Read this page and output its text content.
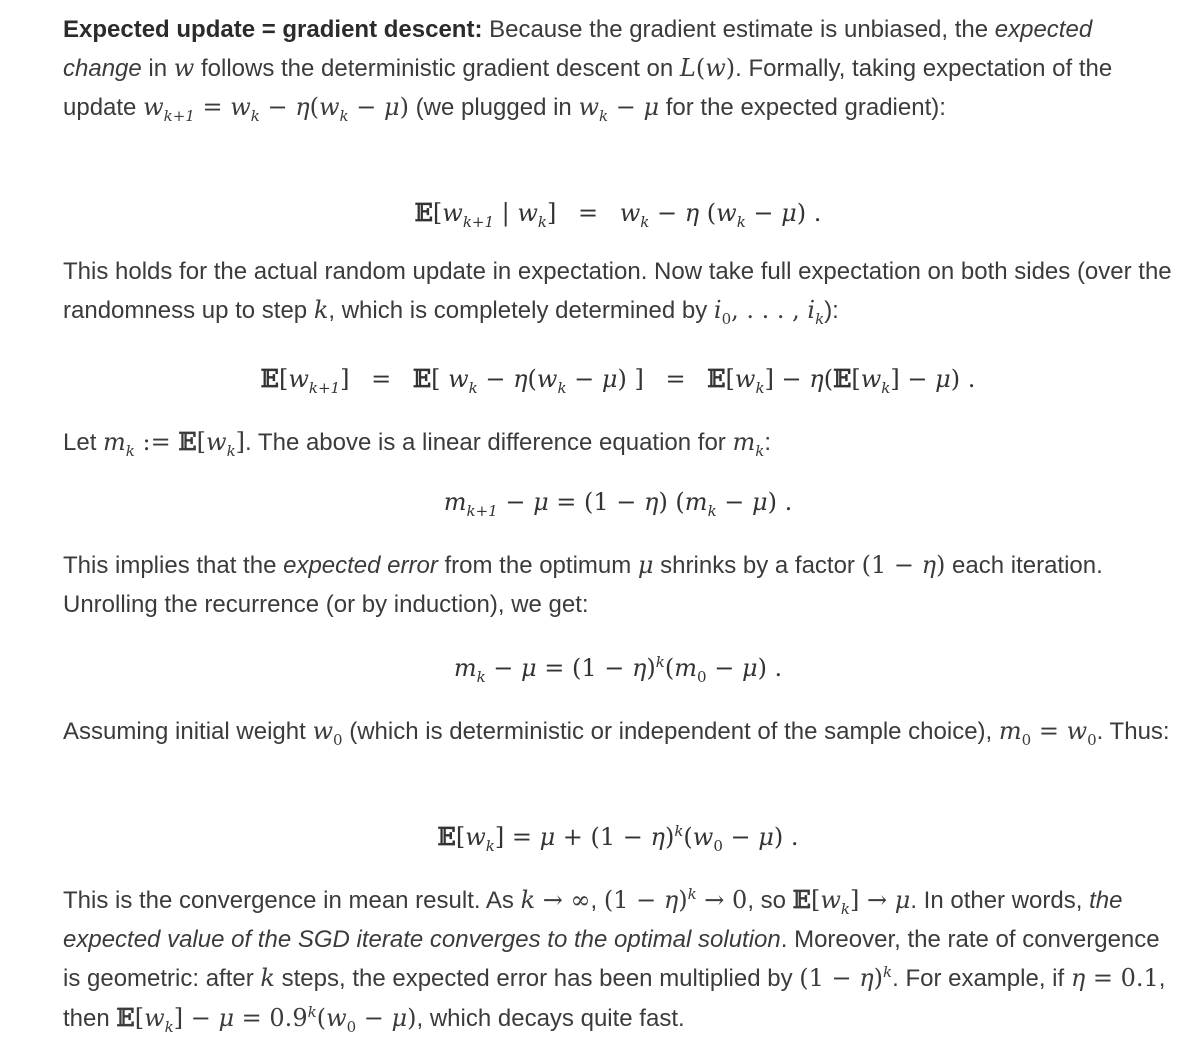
Expected update = gradient descent: Because the gradient estimate is unbiased, the expected change in w follows the deterministic gradient descent on L(w). Formally, taking expectation of the update $w_{k+1} = w_k - \eta(w_k - \mu)$ (we plugged in $w_k - \mu$ for the expected gradient):

$𝔼[w_{k+1}$ | $w_k] = w_k - \eta$ $(w_k - \mu)$ .

This holds for the actual random update in expectation. Now take full expectation on both sides (over the randomness up to step k, which is completely determined by $i_0$, . . . , $i_k$):

$𝔼[w_{k+1}]$ = 𝔼[ $w_k - \eta(w_k - \mu)$ ] = $𝔼[w_k]$ − $\eta(𝔼[w_k] - \mu)$ .

Let $m_k$ := $𝔼[w_k]$. The above is a linear difference equation for $m_k$:

$m_{k+1} - \mu = (1 - \eta) (m_k - \mu)$ .

This implies that the expected error from the optimum μ shrinks by a factor (1 − η) each iteration. Unrolling the recurrence (or by induction), we get:

$m_k - \mu = (1 - \eta)^k(m_0 - \mu)$ .

Assuming initial weight $w_0$ (which is deterministic or independent of the sample choice), $m_0 = w_0$. Thus:

$𝔼[w_k] = \mu + (1 - \eta)^k(w_0 - \mu)$ .

This is the convergence in mean result. As k → ∞, $(1 - \eta)^k \to 0$, so $𝔼[w_k] \to \mu$. In other words, the expected value of the SGD iterate converges to the optimal solution. Moreover, the rate of convergence is geometric: after k steps, the expected error has been multiplied by $(1 - \eta)^k$. For example, if η = 0.1, then $𝔼[w_k] - \mu = 0.9^k(w_0 - \mu)$, which decays quite fast.
